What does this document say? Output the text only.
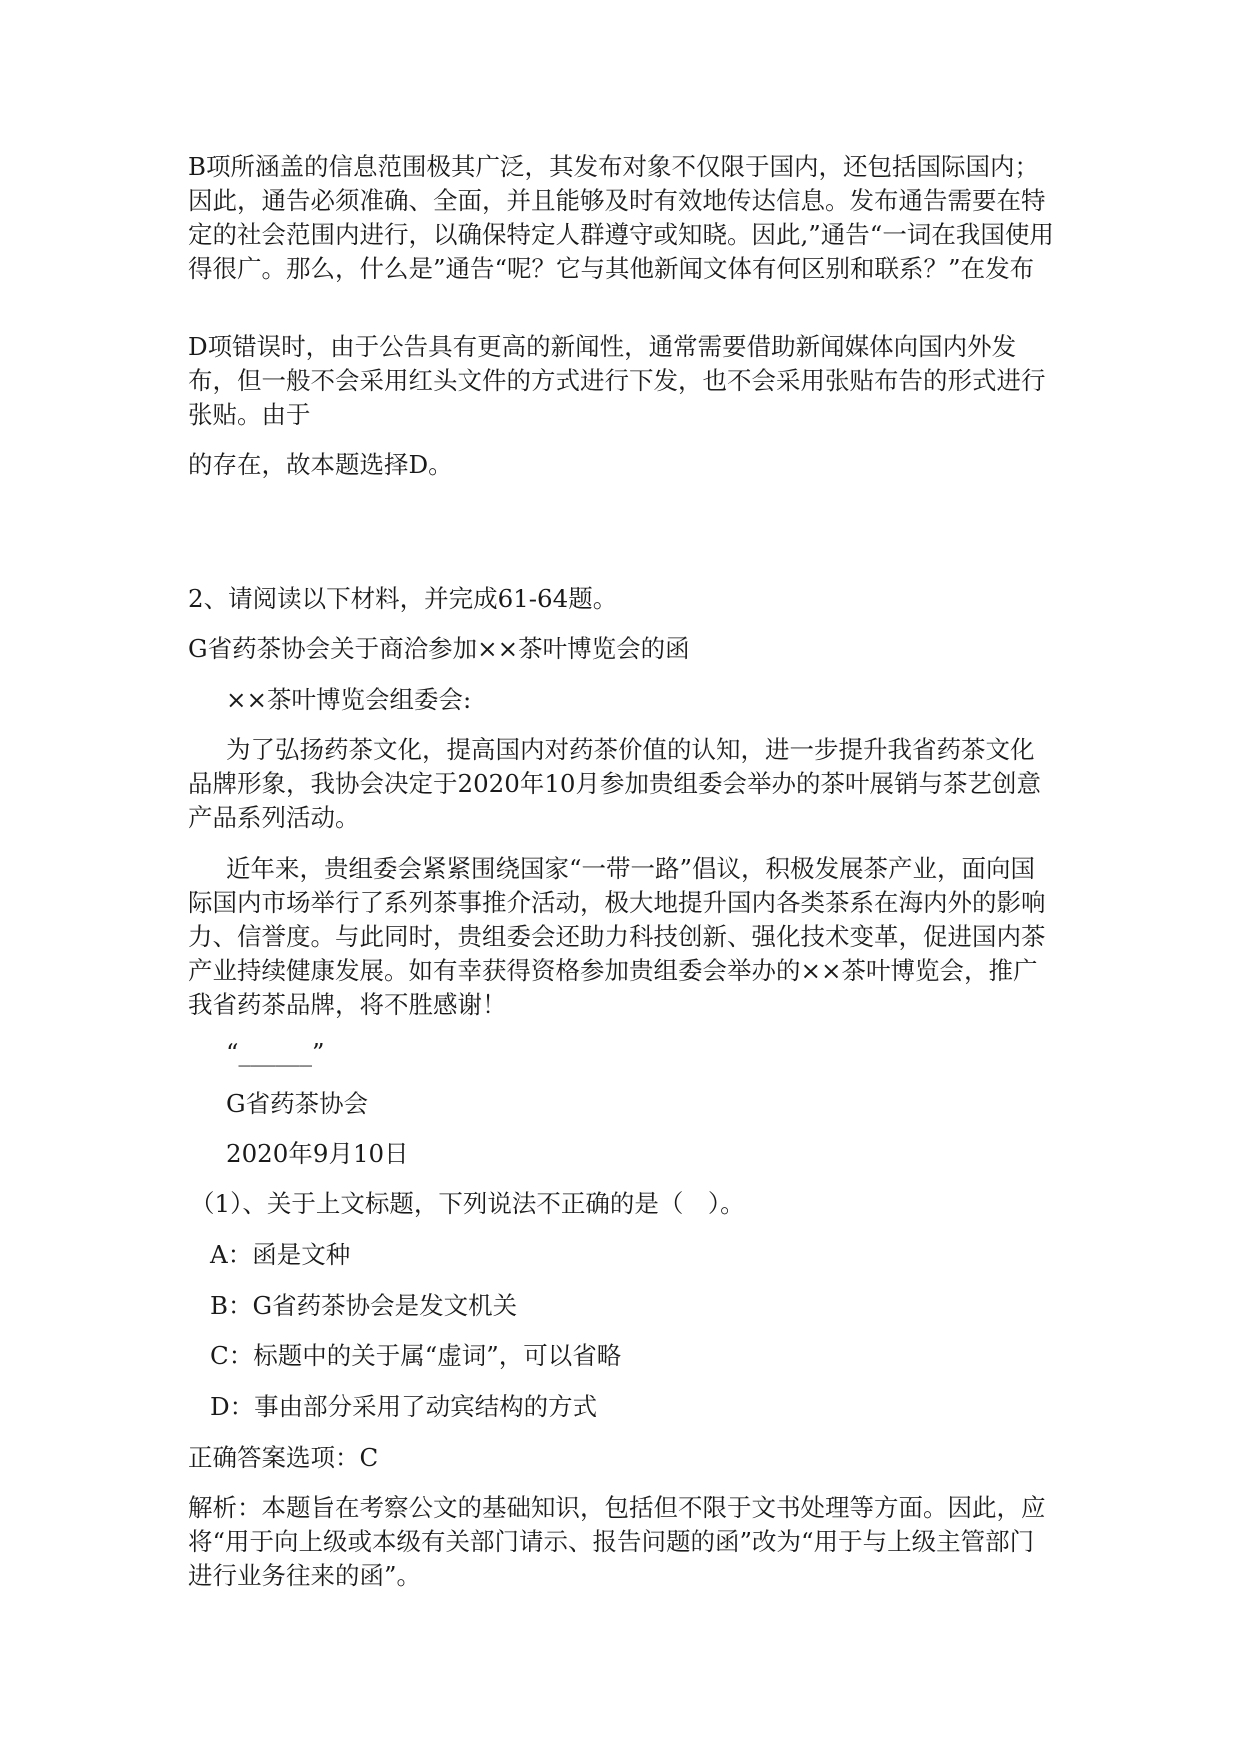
B项所涵盖的信息范围极其广泛，其发布对象不仅限于国内，还包括国际国内；因此，通告必须准确、全面，并且能够及时有效地传达信息。发布通告需要在特定的社会范围内进行，以确保特定人群遵守或知晓。因此,”通告“一词在我国使用得很广。那么，什么是”通告“呢？它与其他新闻文体有何区别和联系？”在发布

D项错误时，由于公告具有更高的新闻性，通常需要借助新闻媒体向国内外发布，但一般不会采用红头文件的方式进行下发，也不会采用张贴布告的形式进行张贴。由于

的存在，故本题选择D。

2、请阅读以下材料，并完成61-64题。

G省药茶协会关于商洽参加××茶叶博览会的函

××茶叶博览会组委会:

为了弘扬药茶文化，提高国内对药茶价值的认知，进一步提升我省药茶文化品牌形象，我协会决定于2020年10月参加贵组委会举办的茶叶展销与茶艺创意产品系列活动。

近年来，贵组委会紧紧围绕国家“一带一路”倡议，积极发展茶产业，面向国际国内市场举行了系列茶事推介活动，极大地提升国内各类茶系在海内外的影响力、信誉度。与此同时，贵组委会还助力科技创新、强化技术变革，促进国内茶产业持续健康发展。如有幸获得资格参加贵组委会举办的××茶叶博览会，推广我省药茶品牌，将不胜感谢！

“______”

G省药茶协会

2020年9月10日

（1）、关于上文标题，下列说法不正确的是（　）。

A：函是文种

B：G省药茶协会是发文机关

C：标题中的关于属“虚词”，可以省略

D：事由部分采用了动宾结构的方式

正确答案选项：C

解析：本题旨在考察公文的基础知识，包括但不限于文书处理等方面。因此，应将“用于向上级或本级有关部门请示、报告问题的函”改为“用于与上级主管部门进行业务往来的函”。
